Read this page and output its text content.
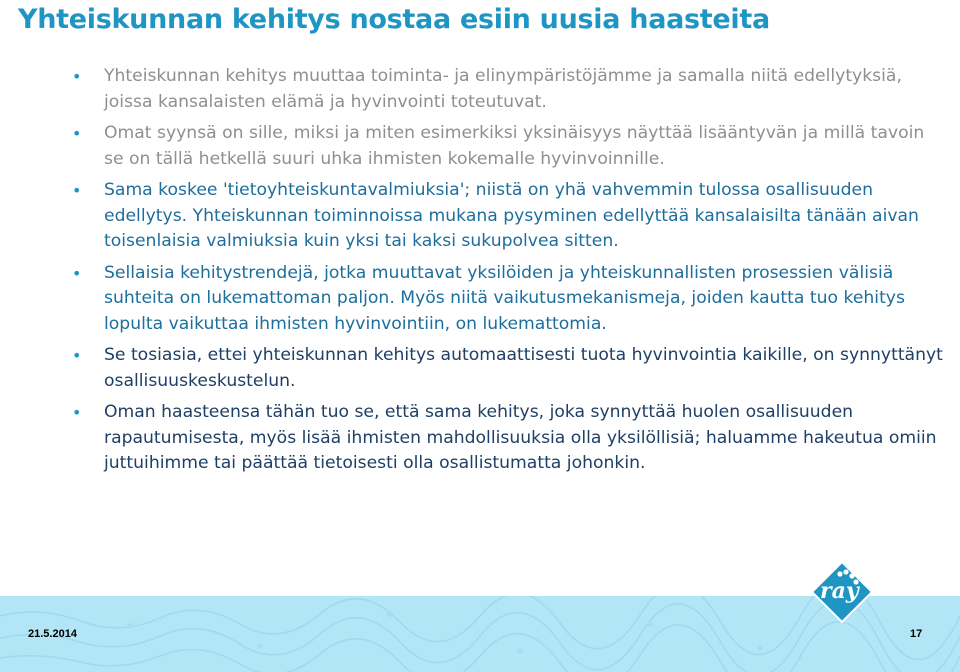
Yhteiskunnan kehitys nostaa esiin uusia haasteita
• Yhteiskunnan kehitys muuttaa toiminta- ja elinympäristöjämme ja samalla niitä edellytyksiä, joissa kansalaisten elämä ja hyvinvointi toteutuvat.
• Omat syynsä on sille, miksi ja miten esimerkiksi yksinäisyys näyttää lisääntyvän ja millä tavoin se on tällä hetkellä suuri uhka ihmisten kokemalle hyvinvoinnille.
• Sama koskee 'tietoyhteiskuntavalmiuksia'; niistä on yhä vahvemmin tulossa osallisuuden edellytys. Yhteiskunnan toiminnoissa mukana pysyminen edellyttää kansalaisilta tänään aivan toisenlaisia valmiuksia kuin yksi tai kaksi sukupolvea sitten.
• Sellaisia kehitystrendejä, jotka muuttavat yksilöiden ja yhteiskunnallisten prosessien välisiä suhteita on lukemattoman paljon. Myös niitä vaikutusmekanismeja, joiden kautta tuo kehitys lopulta vaikuttaa ihmisten hyvinvointiin, on lukemattomia.
• Se tosiasia, ettei yhteiskunnan kehitys automaattisesti tuota hyvinvointia kaikille, on synnyttänyt osallisuuskeskustelun.
• Oman haasteensa tähän tuo se, että sama kehitys, joka synnyttää huolen osallisuuden rapautumisesta, myös lisää ihmisten mahdollisuuksia olla yksilöllisiä; haluamme hakeutua omiin juttuihimme tai päättää tietoisesti olla osallistumatta johonkin.
ray
21.5.2014	17
